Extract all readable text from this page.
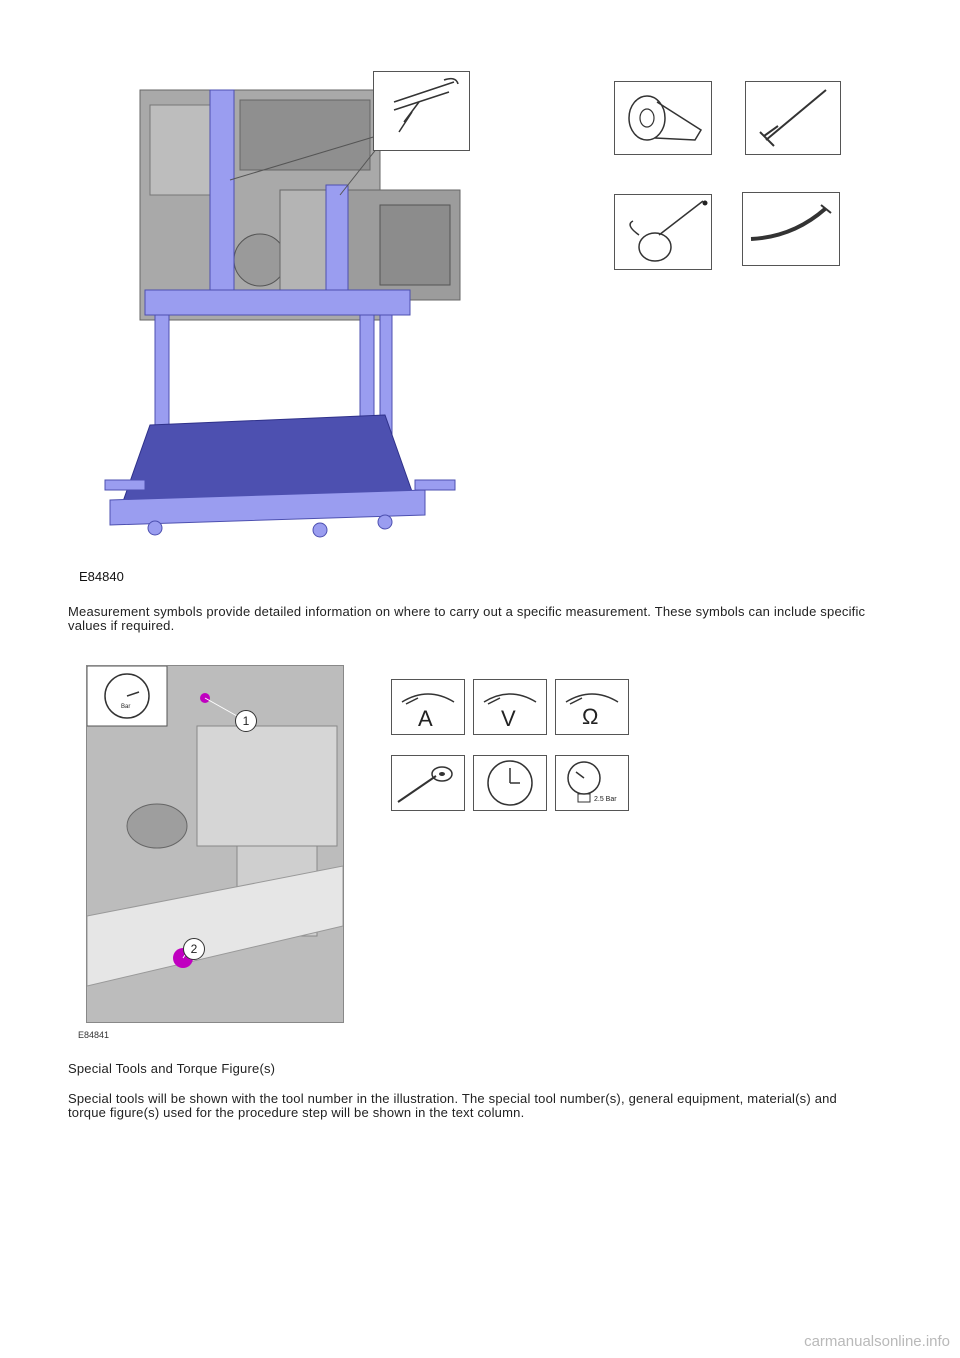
E84840
Measurement symbols provide detailed information on where to carry out a specific measurement. These symbols can include specific values if required.
1
2
Bar	A	V	Ω
2.5 Bar
E84841
Special Tools and Torque Figure(s)
Special tools will be shown with the tool number in the illustration. The special tool number(s), general equipment, material(s) and torque figure(s) used for the procedure step will be shown in the text column.
carmanualsonline.info
